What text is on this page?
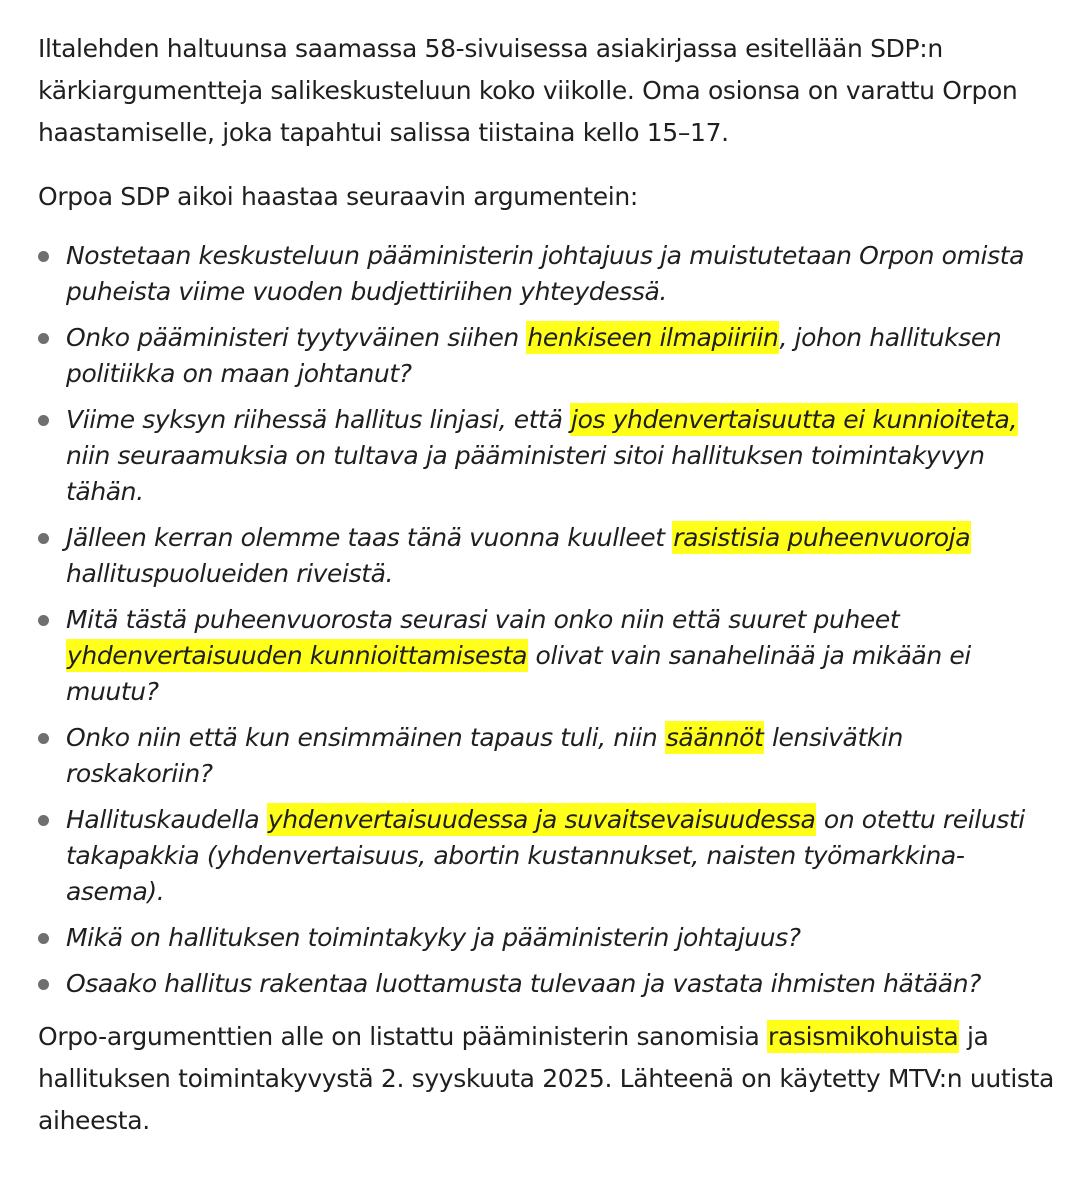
Iltalehden haltuunsa saamassa 58-sivuisessa asiakirjassa esitellään SDP:n kärkiargumentteja salikeskusteluun koko viikolle. Oma osionsa on varattu Orpon haastamiselle, joka tapahtui salissa tiistaina kello 15–17.

Orpoa SDP aikoi haastaa seuraavin argumentein:

Nostetaan keskusteluun pääministerin johtajuus ja muistutetaan Orpon omista puheista viime vuoden budjettiriihen yhteydessä.
Onko pääministeri tyytyväinen siihen henkiseen ilmapiiriin, johon hallituksen politiikka on maan johtanut?
Viime syksyn riihessä hallitus linjasi, että jos yhdenvertaisuutta ei kunnioiteta, niin seuraamuksia on tultava ja pääministeri sitoi hallituksen toimintakyvyn tähän.
Jälleen kerran olemme taas tänä vuonna kuulleet rasistisia puheenvuoroja hallituspuolueiden riveistä.
Mitä tästä puheenvuorosta seurasi vain onko niin että suuret puheet yhdenvertaisuuden kunnioittamisesta olivat vain sanahelinää ja mikään ei muutu?
Onko niin että kun ensimmäinen tapaus tuli, niin säännöt lensivätkin roskakoriin?
Hallituskaudella yhdenvertaisuudessa ja suvaitsevaisuudessa on otettu reilusti takapakkia (yhdenvertaisuus, abortin kustannukset, naisten työmarkkina-asema).
Mikä on hallituksen toimintakyky ja pääministerin johtajuus?
Osaako hallitus rakentaa luottamusta tulevaan ja vastata ihmisten hätään?

Orpo-argumenttien alle on listattu pääministerin sanomisia rasismikohuista ja hallituksen toimintakyvystä 2. syyskuuta 2025. Lähteenä on käytetty MTV:n uutista aiheesta.
